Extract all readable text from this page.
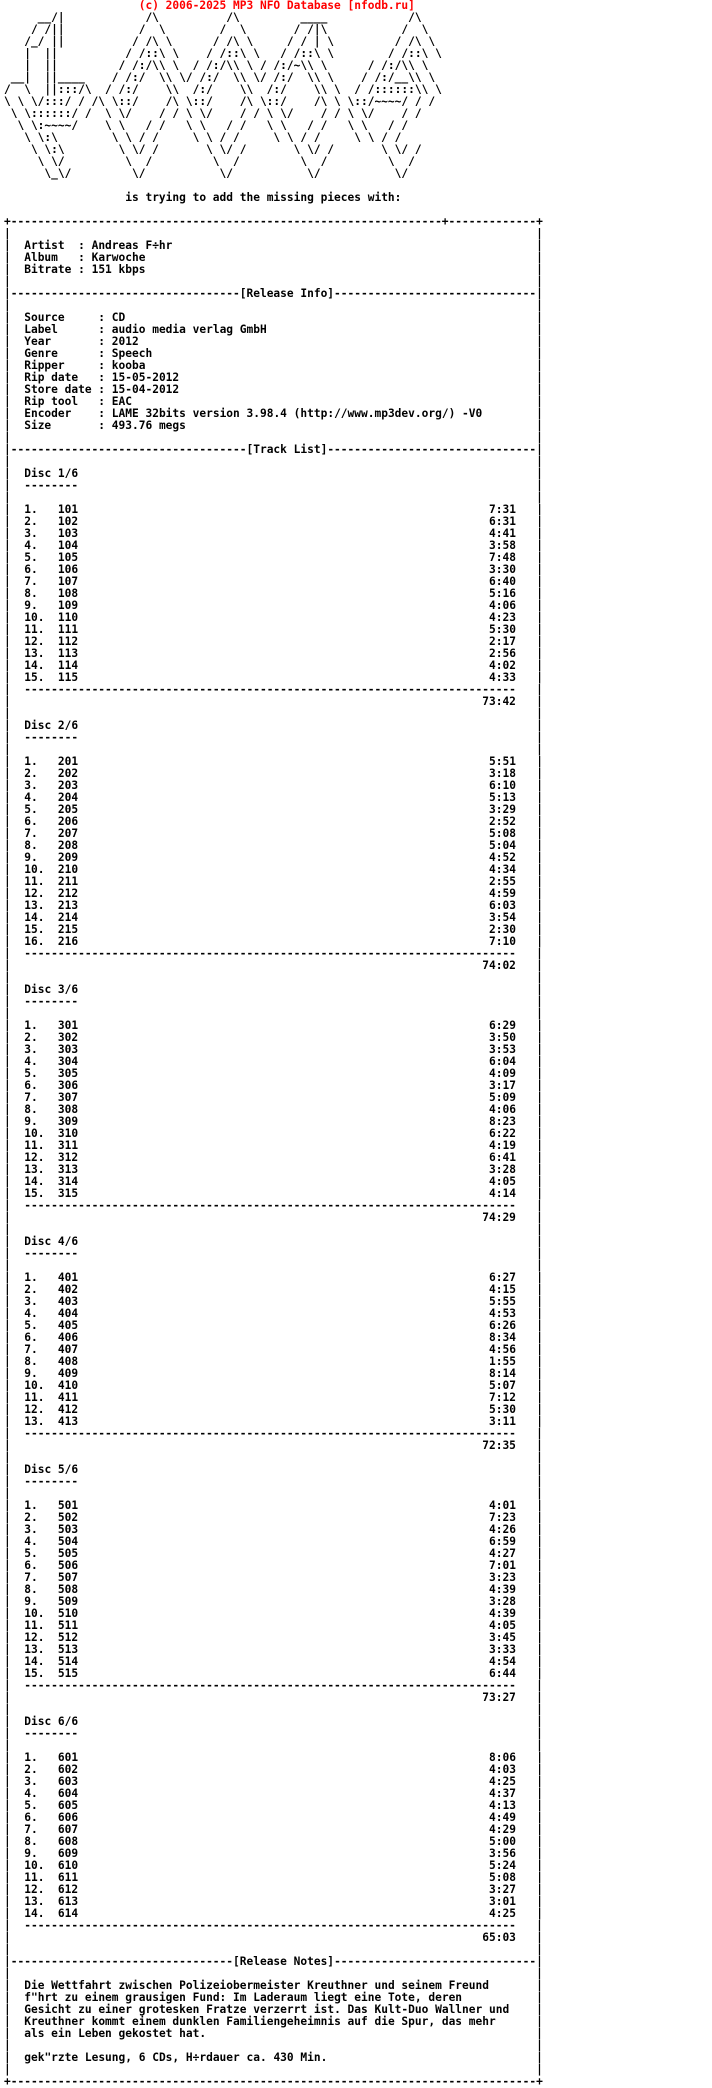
(c) 2006-2025 MP3 NFO Database [nfodb.ru]
__/|            /\          /\         ____            /\
/ /||           /  \        /  \       / /|\           /  \
/_/ ||          / /\ \      / /\ \     / / | \         / /\ \
|  ||          / /::\ \    / /::\ \   / /::\ \        / /::\ \
|  ||         / /:/\\ \  / /:/\\ \ / /:/~\\ \      / /:/\\ \
__|  ||____    / /:/  \\ \/ /:/  \\ \/ /:/  \\ \    / /:/__\\ \
/  \  ||:::/\  / /:/    \\  /:/    \\  /:/    \\ \  / /::::::\\ \
\ \ \/:::/ / /\ \::/    /\ \::/    /\ \::/    /\ \ \::/~~~~/ / /
\ \::::::/ /  \ \/    / / \ \/    / / \ \/    / / \ \/    / /
\ \:~~~~/    \ \   / /   \ \   / /   \ \   / /   \ \   / /
\ \:\        \ \ / /     \ \ / /     \ \ / /     \ \ / /
\ \:\        \ \/ /       \ \/ /       \ \/ /       \ \/ /
\ \/         \  /         \  /         \  /         \  /
\_\/         \/           \/           \/           \/

is trying to add the missing pieces with:

+----------------------------------------------------------------+-------------+
|	|
|  Artist  : Andreas F÷hr	|
|  Album   : Karwoche	|
|  Bitrate : 151 kbps	|
|	|
|----------------------------------[Release Info]------------------------------|
|	|
|  Source     : CD	|
|  Label      : audio media verlag GmbH	|
|  Year       : 2012	|
|  Genre      : Speech	|
|  Ripper     : kooba	|
|  Rip date   : 15-05-2012	|
|  Store date : 15-04-2012	|
|  Rip tool   : EAC	|
|  Encoder    : LAME 32bits version 3.98.4 (http://www.mp3dev.org/) -V0	|
|  Size       : 493.76 megs	|
|	|
|-----------------------------------[Track List]-------------------------------|
|	|
| Disc 1/6	|
|  --------	|
|	|
|  1.   101	7:31 |
|  2.   102	6:31 |
|  3.   103	4:41 |
|  4.   104	3:58 |
|  5.   105	7:48 |
|  6.   106	3:30 |
|  7.   107	6:40 |
|  8.   108	5:16 |
|  9.   109	4:06 |
|  10.  110	4:23 |
|  11.  111	5:30 |
|  12.  112	2:17 |
|  13.  113	2:56 |
|  14.  114	4:02 |
|  15.  115	4:33 |
|  ------------------------------------------------------------------------- |
|	73:42 |
|	|
| Disc 2/6	|
|  --------	|
|	|
|  1.   201	5:51 |
|  2.   202	3:18 |
|  3.   203	6:10 |
|  4.   204	5:13 |
|  5.   205	3:29 |
|  6.   206	2:52 |
|  7.   207	5:08 |
|  8.   208	5:04 |
|  9.   209	4:52 |
|  10.  210	4:34 |
|  11.  211	2:55 |
|  12.  212	4:59 |
|  13.  213	6:03 |
|  14.  214	3:54 |
|  15.  215	2:30 |
|  16.  216	7:10 |
|  ------------------------------------------------------------------------- |
|	74:02 |
|	|
| Disc 3/6	|
|  --------	|
|	|
|  1.   301	6:29 |
|  2.   302	3:50 |
|  3.   303	3:53 |
|  4.   304	6:04 |
|  5.   305	4:09 |
|  6.   306	3:17 |
|  7.   307	5:09 |
|  8.   308	4:06 |
|  9.   309	8:23 |
|  10.  310	6:22 |
|  11.  311	4:19 |
|  12.  312	6:41 |
|  13.  313	3:28 |
|  14.  314	4:05 |
|  15.  315	4:14 |
|  ------------------------------------------------------------------------- |
|	74:29 |
|	|
| Disc 4/6	|
|  --------	|
|	|
|  1.   401	6:27 |
|  2.   402	4:15 |
|  3.   403	5:55 |
|  4.   404	4:53 |
|  5.   405	6:26 |
|  6.   406	8:34 |
|  7.   407	4:56 |
|  8.   408	1:55 |
|  9.   409	8:14 |
|  10.  410	5:07 |
|  11.  411	7:12 |
|  12.  412	5:30 |
|  13.  413	3:11 |
|  ------------------------------------------------------------------------- |
|	72:35 |
|	|
| Disc 5/6	|
|  --------	|
|	|
|  1.   501	4:01 |
|  2.   502	7:23 |
|  3.   503	4:26 |
|  4.   504	6:59 |
|  5.   505	4:27 |
|  6.   506	7:01 |
|  7.   507	3:23 |
|  8.   508	4:39 |
|  9.   509	3:28 |
|  10.  510	4:39 |
|  11.  511	4:05 |
|  12.  512	3:45 |
|  13.  513	3:33 |
|  14.  514	4:54 |
|  15.  515	6:44 |
|  ------------------------------------------------------------------------- |
|	73:27 |
|	|
| Disc 6/6	|
|  --------	|
|	|
|  1.   601	8:06 |
|  2.   602	4:03 |
|  3.   603	4:25 |
|  4.   604	4:37 |
|  5.   605	4:13 |
|  6.   606	4:49 |
|  7.   607	4:29 |
|  8.   608	5:00 |
|  9.   609	3:56 |
|  10.  610	5:24 |
|  11.  611	5:08 |
|  12.  612	3:27 |
|  13.  613	3:01 |
|  14.  614	4:25 |
|  ------------------------------------------------------------------------- |
|	65:03 |
|	|
|---------------------------------[Release Notes]------------------------------|
|	|
| Die Wettfahrt zwischen Polizeiobermeister Kreuthner und seinem Freund	|
| f"hrt zu einem grausigen Fund: Im Laderaum liegt eine Tote, deren	|
| Gesicht zu einer grotesken Fratze verzerrt ist. Das Kult-Duo Wallner und |
| Kreuthner kommt einem dunklen Familiengeheimnis auf die Spur, das mehr	|
| als ein Leben gekostet hat.	|
|	|
| gek"rzte Lesung, 6 CDs, H÷rdauer ca. 430 Min.	|
|	|
+------------------------------------------------------------------------------+
